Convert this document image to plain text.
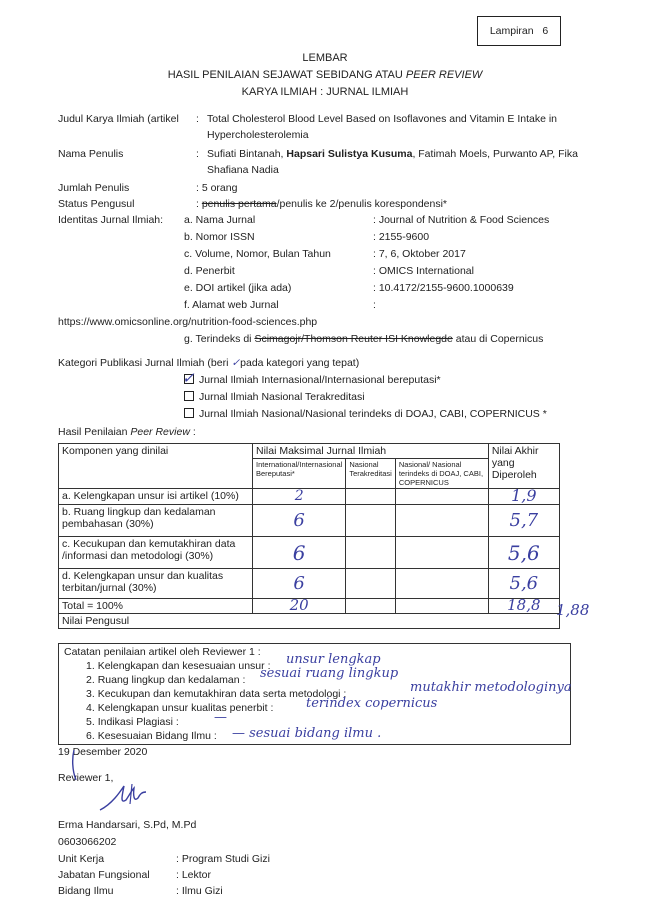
Lampiran   6
LEMBAR
HASIL PENILAIAN SEJAWAT SEBIDANG ATAU PEER REVIEW
KARYA ILMIAH : JURNAL ILMIAH
Judul Karya Ilmiah (artikel : Total Cholesterol Blood Level Based on Isoflavones and Vitamin E Intake in
Hypercholesterolemia
Nama Penulis	: Sufiati Bintanah, Hapsari Sulistya Kusuma, Fatimah Moels, Purwanto AP, Fika
Shafiana Nadia
Jumlah Penulis	: 5 orang
Status Pengusul	: penulis pertama/penulis ke 2/penulis korespondensi*
Identitas Jurnal Ilmiah: a. Nama Jurnal	: Journal of Nutrition & Food Sciences
b. Nomor ISSN	: 2155-9600
c. Volume, Nomor, Bulan Tahun	: 7, 6, Oktober 2017
d. Penerbit	: OMICS International
e. DOI artikel (jika ada)	: 10.4172/2155-9600.1000639
f. Alamat web Jurnal	:
https://www.omicsonline.org/nutrition-food-sciences.php
g. Terindeks di Scimagojr/Thomson Reuter ISI Knowlegde atau di Copernicus
Kategori Publikasi Jurnal Ilmiah (beri ✓pada kategori yang tepat)
✓ Jurnal Ilmiah Internasional/Internasional bereputasi*
Jurnal Ilmiah Nasional Terakreditasi
Jurnal Ilmiah Nasional/Nasional terindeks di DOAJ, CABI, COPERNICUS *
Hasil Penilaian Peer Review :
Komponen yang dinilai	Nilai Maksimal Jurnal Ilmiah			Nilai Akhir yang Diperoleh
	International/Internasional Bereputasi*	Nasional Terakreditasi	Nasional/ Nasional terindeks di DOAJ, CABI, COPERNICUS	
a. Kelengkapan unsur isi artikel (10%)	2			1,9
b. Ruang lingkup dan kedalaman pembahasan (30%)	6			5,7
c. Kecukupan dan kemutakhiran data /informasi dan metodologi (30%)	6			5,6
d. Kelengkapan unsur dan kualitas terbitan/jurnal (30%)	6			5,6
Total = 100%	20			18,8
Nilai Pengusul				
1,88
Catatan penilaian artikel oleh Reviewer 1 :
1. Kelengkapan dan kesesuaian unsur : unsur lengkap
2. Ruang lingkup dan kedalaman : sesuai ruang lingkup
3. Kecukupan dan kemutakhiran data serta metodologi :	mutakhir metodologinya
4. Kelengkapan unsur kualitas penerbit :	terindex copernicus
5. Indikasi Plagiasi :	—
6. Kesesuaian Bidang Ilmu : — sesuai bidang ilmu .
19 Desember 2020
Reviewer 1,
Erma Handarsari, S.Pd, M.Pd
0603066202
Unit Kerja	: Program Studi Gizi
Jabatan Fungsional	: Lektor
Bidang Ilmu	: Ilmu Gizi
